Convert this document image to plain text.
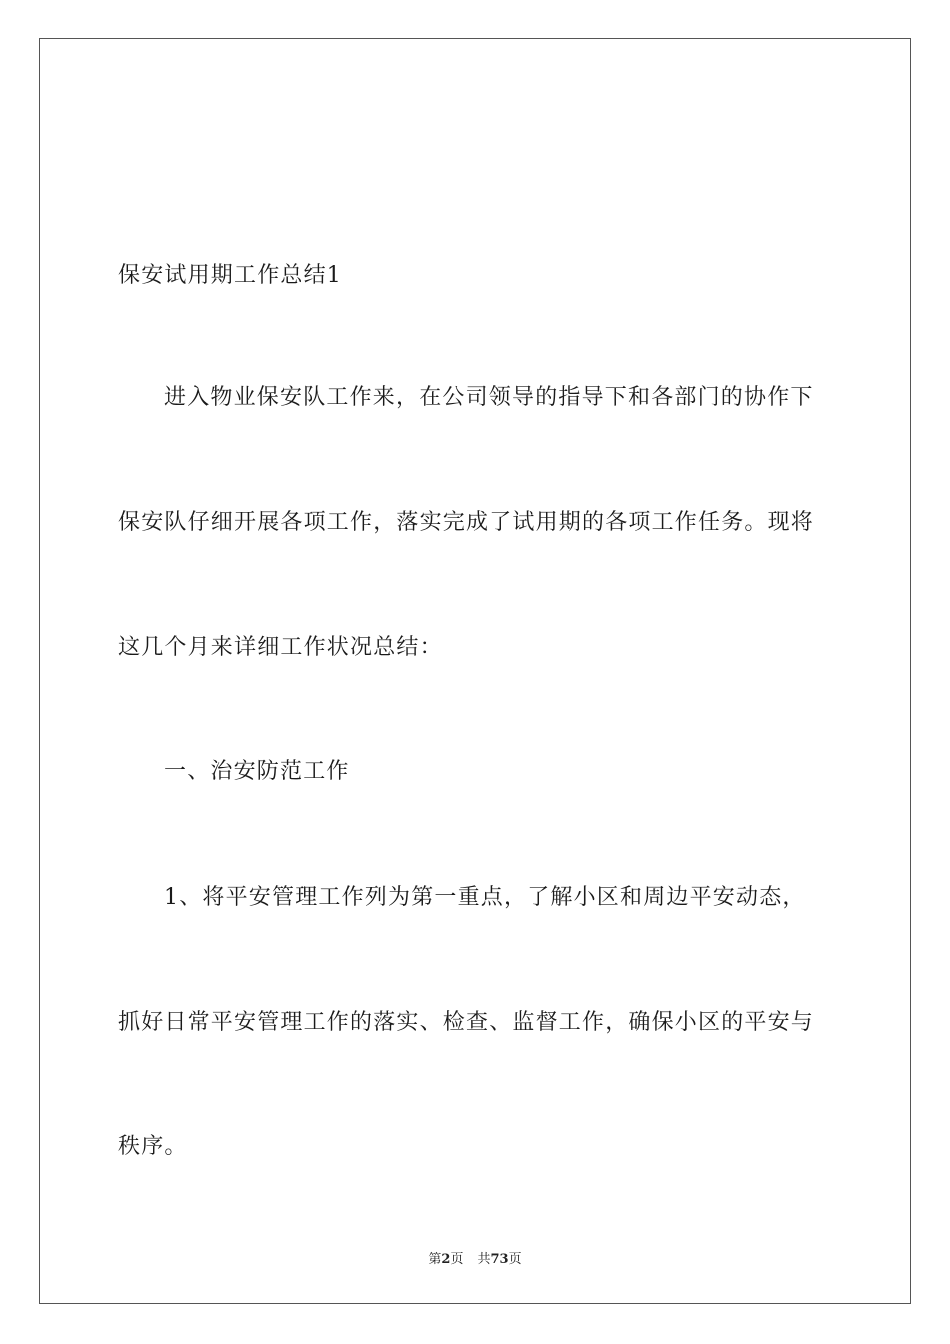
保安试用期工作总结1
进入物业保安队工作来，在公司领导的指导下和各部门的协作下
保安队仔细开展各项工作，落实完成了试用期的各项工作任务。现将
这几个月来详细工作状况总结：
一、治安防范工作
1、将平安管理工作列为第一重点，了解小区和周边平安动态，
抓好日常平安管理工作的落实、检查、监督工作，确保小区的平安与
秩序。
第2页 共73页
